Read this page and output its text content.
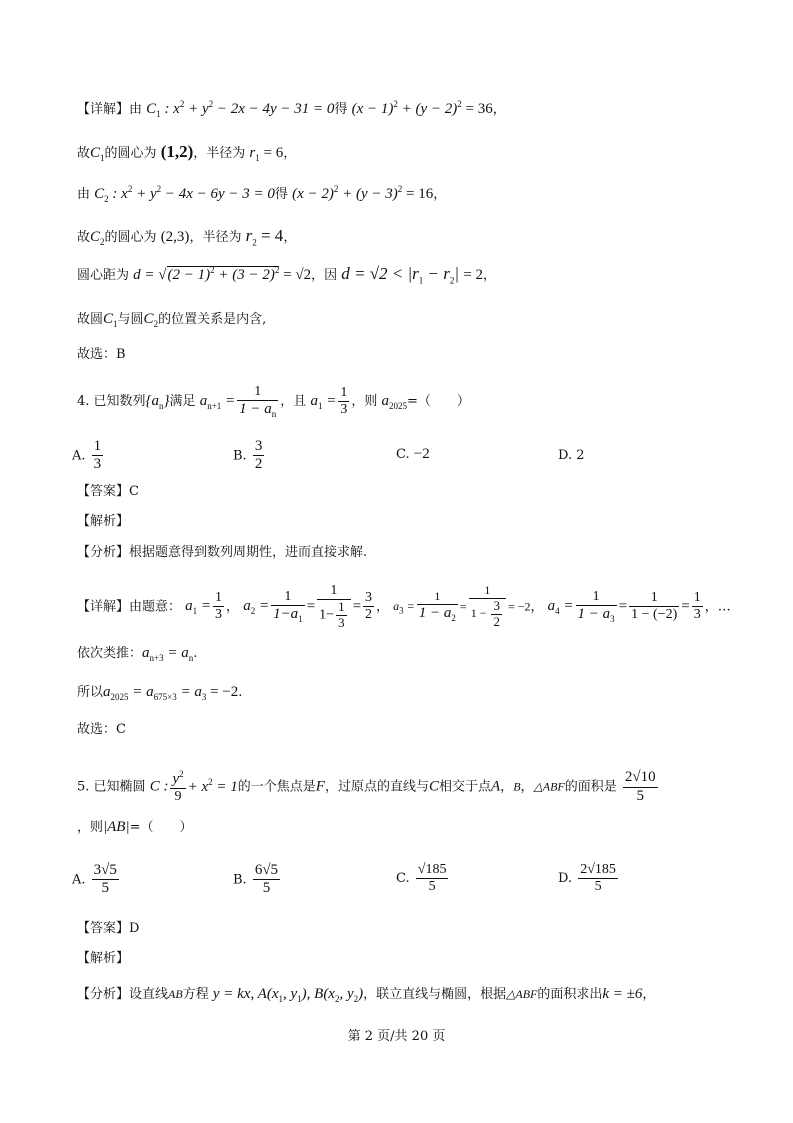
【详解】由 $C_1$ : $x^2 + y^2 - 2x - 4y - 31 = 0$得 $(x - 1)^2 + (y - 2)^2 = 36$，
故$C_1$的圆心为 (1,2)，半径为 $r_1 = 6$，
由 $C_2$ : $x^2 + y^2 - 4x - 6y - 3 = 0$得 $(x - 2)^2 + (y - 3)^2 = 16$，
故$C_2$的圆心为 (2,3)，半径为 $r_2 = 4$，
圆心距为 $d = √(2 - 1)^2 + (3 - 2)^2 = √2$，因 $d = √2 < |r_1 - r_2| = 2$，
故圆$C_1$与圆$C_2$的位置关系是内含,
故选：B
4. 已知数列$\{a_n\}$满足 $a_{n+1} = \frac{1}{1 - a_n}$ ，且 $a_1 = \frac{1}{3}$ ，则 $a_{2025}=$（　　）
A. $\frac{1}{3}$	B. $\frac{3}{2}$	C. −2	D. 2
【答案】C
【解析】
【分析】根据题意得到数列周期性，进而直接求解.
【详解】由题意： $a_1 = \frac{1}{3}$ ， $a_2 = \frac{1}{1-a_1} = \frac{1}{1- \frac{1}{3}} = \frac{3}{2}$ ， $a_3 = \frac{1}{1 - a_2} = \frac{1}{1 - \frac{3}{2}} = -2$， $a_4 = \frac{1}{1 - a_3} = \frac{1}{1 - (-2)} = \frac{1}{3}$ ，…
依次类推：$a_{n+3} = a_n$.
所以$a_{2025} = a_{675\times 3} = a_3 = -2$.
故选：C
5. 已知椭圆 C : $\frac{y^2}{9} + x^2 = 1$的一个焦点是F，过原点的直线与C相交于点A，B，△ABF的面积是 $\frac{2√10}{5}$
，则|AB|=（　　）
A. $\frac{3√5}{5}$	B. $\frac{6√5}{5}$	C. $\frac{√185}{5}$	D. $\frac{2√185}{5}$
【答案】D
【解析】
【分析】设直线AB方程 y = kx, $A(x_1$, $y_1$), $B(x_2$, $y_2$)，联立直线与椭圆，根据△ABF的面积求出k = ±6，
第 2 页/共 20 页
